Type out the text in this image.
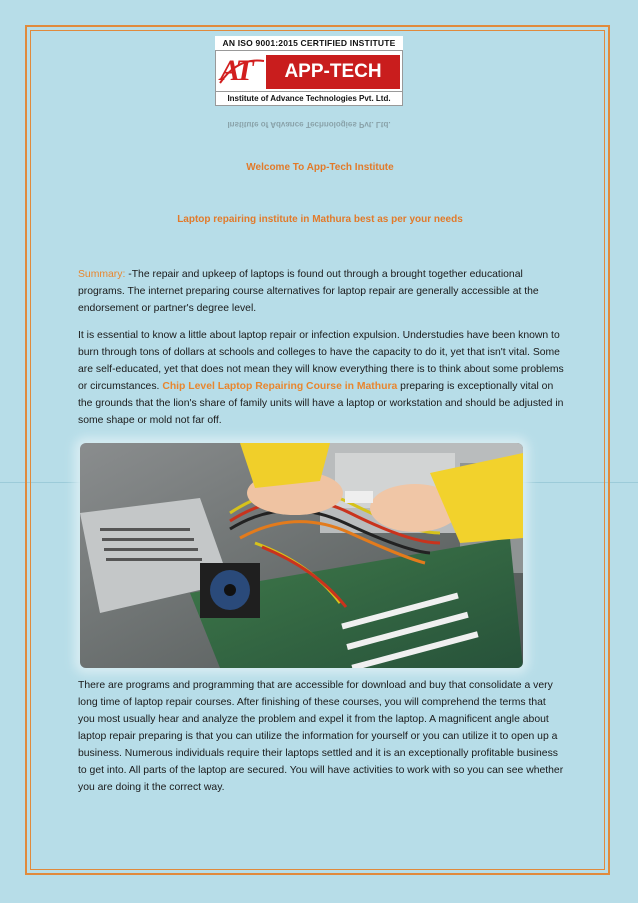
AN ISO 9001:2015 CERTIFIED INSTITUTE
AT	APP-TECH
Institute of Advance Technologies Pvt. Ltd.
Institute of Advance Technologies Pvt. Ltd.
Welcome To App-Tech Institute
Laptop repairing institute in Mathura best as per your needs
Summary: -The repair and upkeep of laptops is found out through a brought together educational programs. The internet preparing course alternatives for laptop repair are generally accessible at the endorsement or partner's degree level.
It is essential to know a little about laptop repair or infection expulsion. Understudies have been known to burn through tons of dollars at schools and colleges to have the capacity to do it, yet that isn't vital. Some are self-educated, yet that does not mean they will know everything there is to think about some problems or circumstances. Chip Level Laptop Repairing Course in Mathura preparing is exceptionally vital on the grounds that the lion's share of family units will have a laptop or workstation and should be adjusted in some shape or mold not far off.
There are programs and programming that are accessible for download and buy that consolidate a very long time of laptop repair courses. After finishing of these courses, you will comprehend the terms that you most usually hear and analyze the problem and expel it from the laptop. A magnificent angle about laptop repair preparing is that you can utilize the information for yourself or you can utilize it to open up a business. Numerous individuals require their laptops settled and it is an exceptionally profitable business to get into. All parts of the laptop are secured. You will have activities to work with so you can see whether you are doing it the correct way.
